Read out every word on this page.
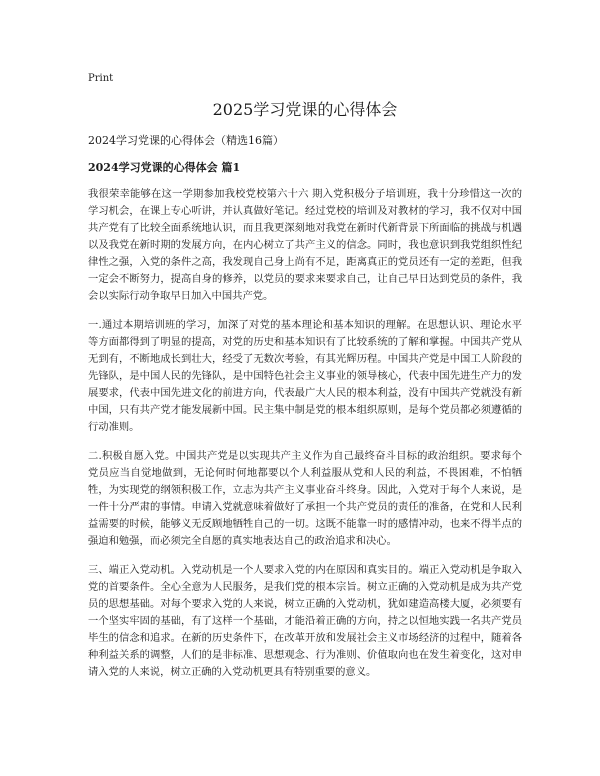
Print
2025学习党课的心得体会
2024学习党课的心得体会（精选16篇）
2024学习党课的心得体会 篇1

我很荣幸能够在这一学期参加我校党校第六十六 期入党积极分子培训班，我十分珍惜这一次的学习机会，在课上专心听讲，并认真做好笔记。经过党校的培训及对教材的学习，我不仅对中国共产党有了比较全面系统地认识，而且我更深刻地对我党在新时代新背景下所面临的挑战与机遇以及我党在新时期的发展方向，在内心树立了共产主义的信念。同时，我也意识到我党组织性纪律性之强，入党的条件之高，我发现自己身上尚有不足，距离真正的党员还有一定的差距，但我一定会不断努力，提高自身的修养，以党员的要求来要求自己，让自己早日达到党员的条件，我会以实际行动争取早日加入中国共产党。

一.通过本期培训班的学习，加深了对党的基本理论和基本知识的理解。在思想认识、理论水平等方面都得到了明显的提高，对党的历史和基本知识有了比较系统的了解和掌握。中国共产党从无到有，不断地成长到壮大，经受了无数次考验，有其光辉历程。中国共产党是中国工人阶段的先锋队，是中国人民的先锋队，是中国特色社会主义事业的领导核心，代表中国先进生产力的发展要求，代表中国先进文化的前进方向，代表最广大人民的根本利益，没有中国共产党就没有新中国，只有共产党才能发展新中国。民主集中制是党的根本组织原则，是每个党员都必须遵循的行动准则。

二.积极自愿入党。中国共产党是以实现共产主义作为自己最终奋斗目标的政治组织。要求每个党员应当自觉地做到，无论何时何地都要以个人利益服从党和人民的利益，不畏困难，不怕牺牲，为实现党的纲领积极工作，立志为共产主义事业奋斗终身。因此，入党对于每个人来说，是一件十分严肃的事情。申请入党就意味着做好了承担一个共产党员的责任的准备，在党和人民利益需要的时候，能够义无反顾地牺牲自己的一切。这既不能靠一时的感情冲动，也来不得半点的强迫和勉强，而必须完全自愿的真实地表达自己的政治追求和决心。

三、端正入党动机。入党动机是一个人要求入党的内在原因和真实目的。端正入党动机是争取入党的首要条件。全心全意为人民服务，是我们党的根本宗旨。树立正确的入党动机是成为共产党员的思想基础。对每个要求入党的人来说，树立正确的入党动机，犹如建造高楼大厦，必须要有一个坚实牢固的基础，有了这样一个基础，才能沿着正确的方向，持之以恒地实践一名共产党员毕生的信念和追求。在新的历史条件下，在改革开放和发展社会主义市场经济的过程中，随着各种利益关系的调整，人们的是非标准、思想观念、行为准则、价值取向也在发生着变化，这对申请入党的人来说，树立正确的入党动机更具有特别重要的意义。
